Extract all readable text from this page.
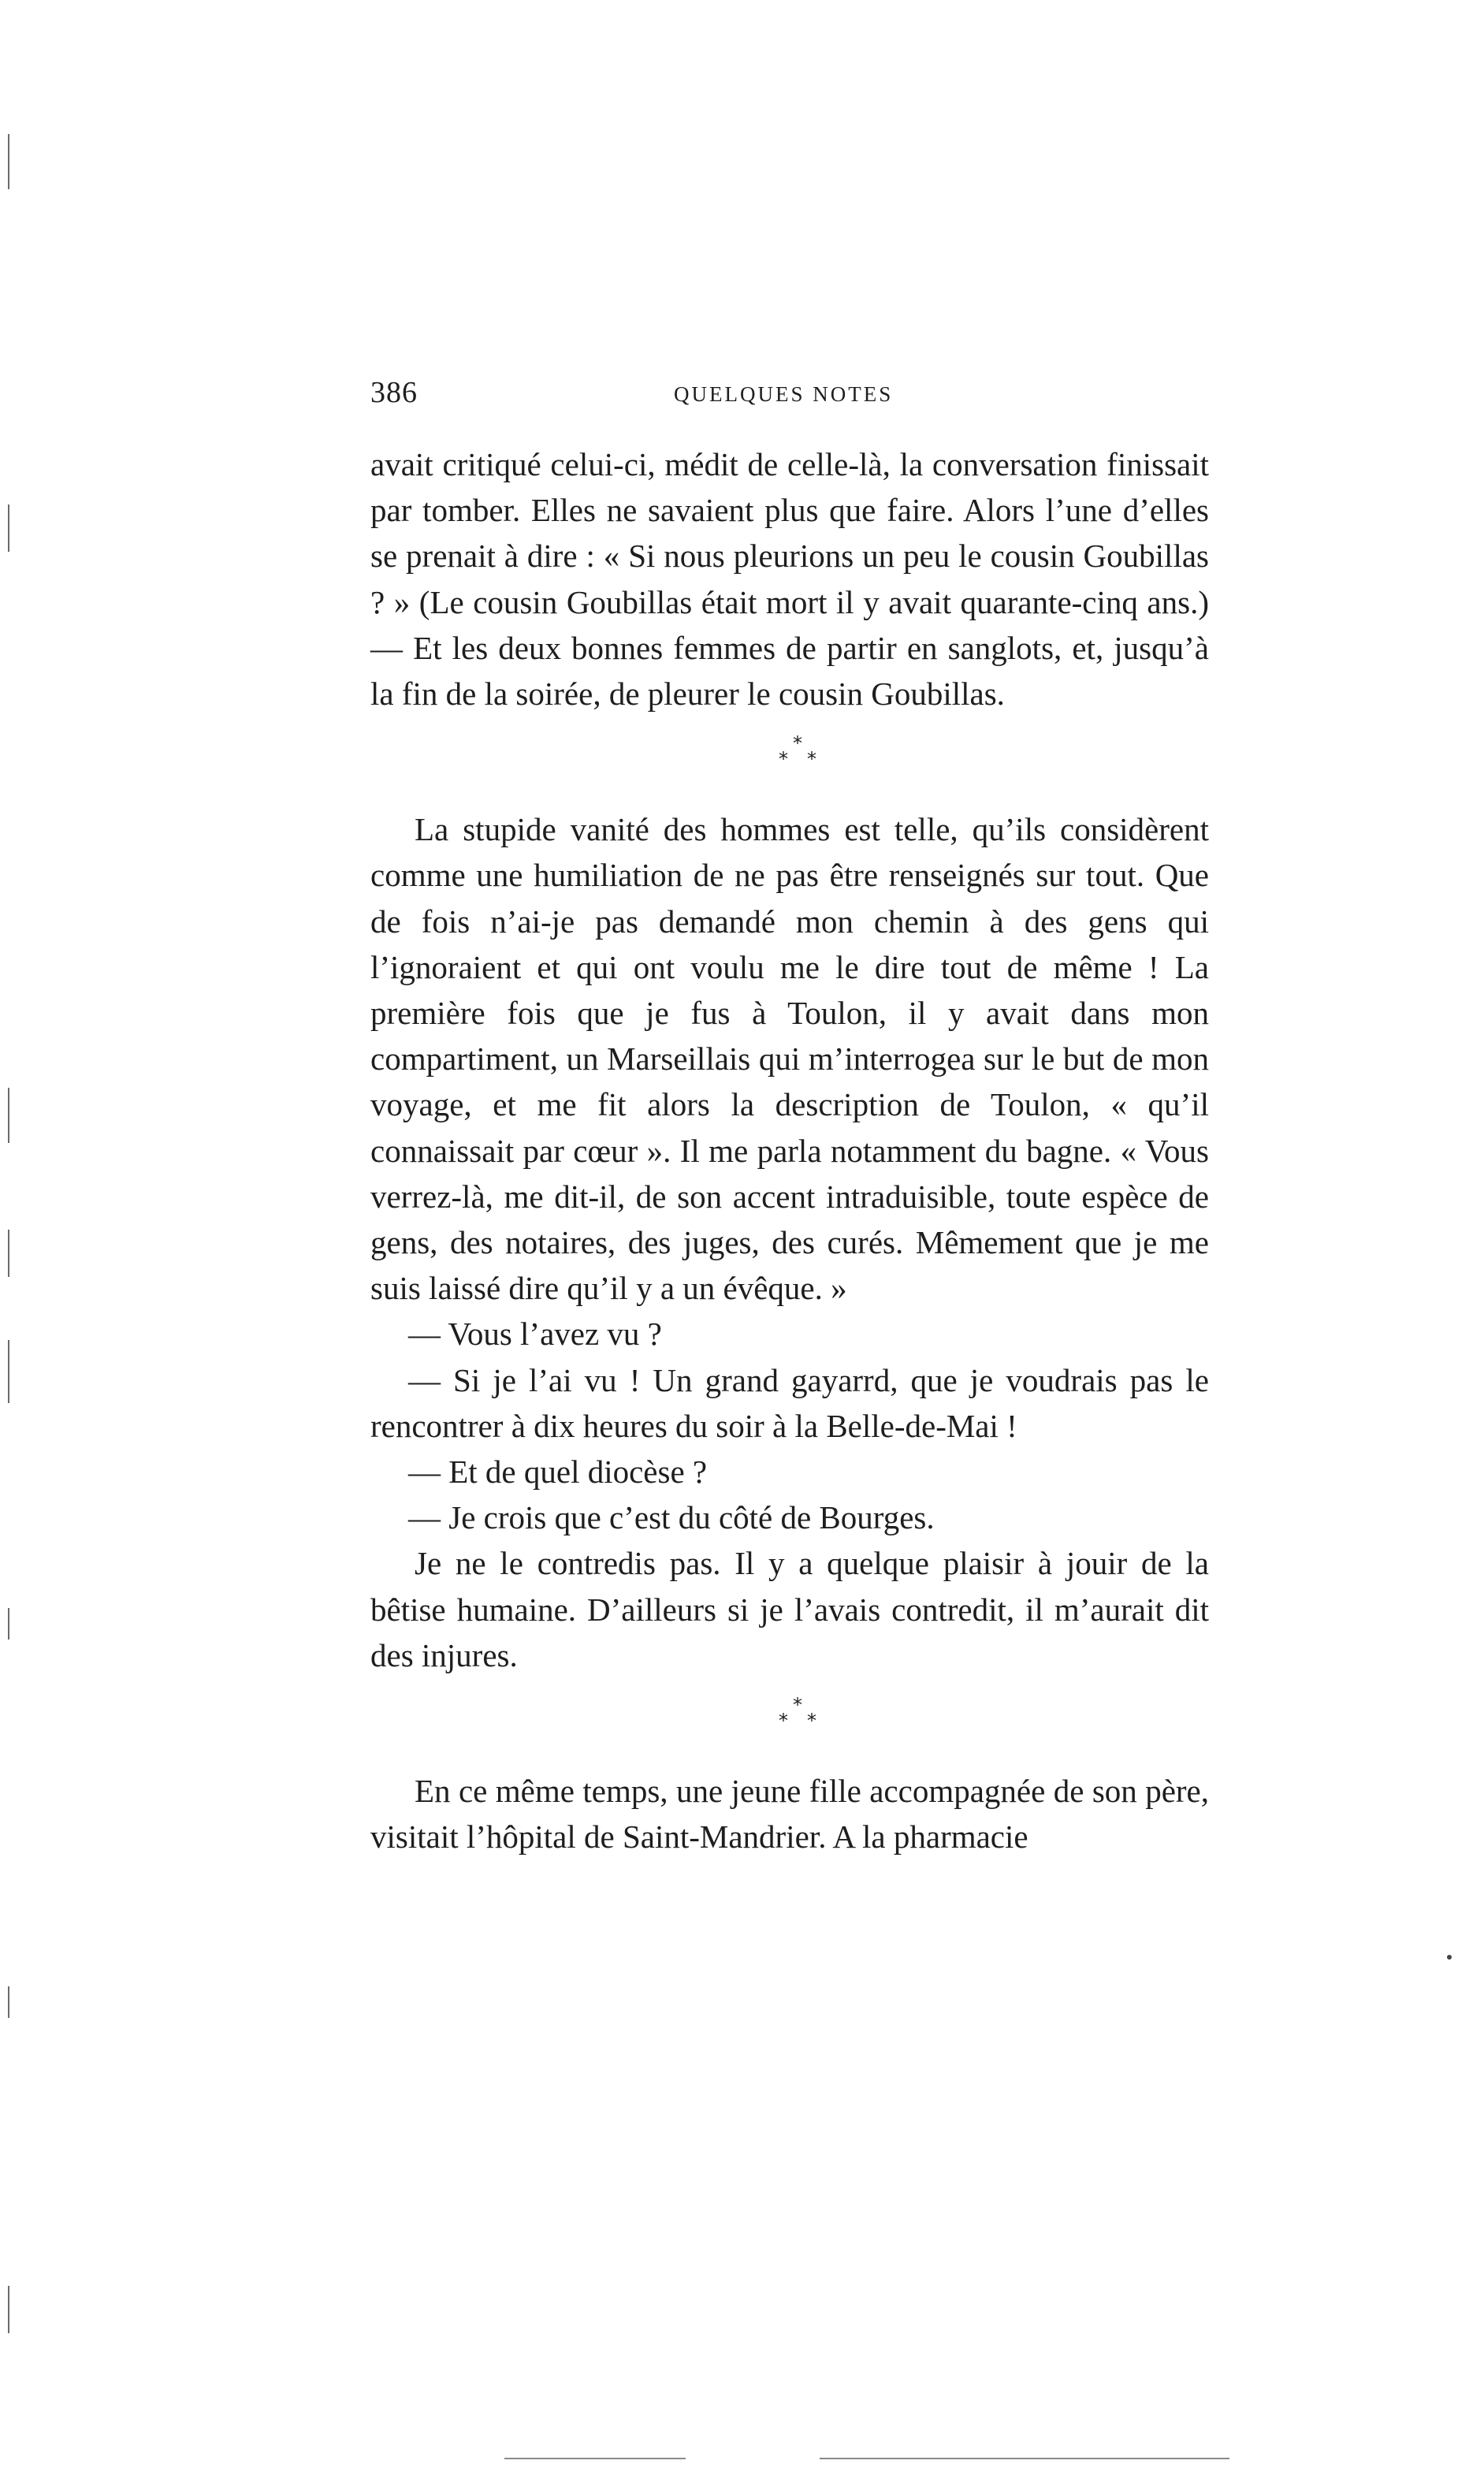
386	QUELQUES NOTES

avait critiqué celui-ci, médit de celle-là, la conversation finissait par tomber. Elles ne savaient plus que faire. Alors l’une d’elles se prenait à dire : « Si nous pleurions un peu le cousin Goubillas ? » (Le cousin Goubillas était mort il y avait quarante-cinq ans.) — Et les deux bonnes femmes de partir en sanglots, et, jusqu’à la fin de la soirée, de pleurer le cousin Goubillas.

*
* *

La stupide vanité des hommes est telle, qu’ils considèrent comme une humiliation de ne pas être renseignés sur tout. Que de fois n’ai-je pas demandé mon chemin à des gens qui l’ignoraient et qui ont voulu me le dire tout de même ! La première fois que je fus à Toulon, il y avait dans mon compartiment, un Marseillais qui m’interrogea sur le but de mon voyage, et me fit alors la description de Toulon, « qu’il connaissait par cœur ». Il me parla notamment du bagne. « Vous verrez-là, me dit-il, de son accent intraduisible, toute espèce de gens, des notaires, des juges, des curés. Mêmement que je me suis laissé dire qu’il y a un évêque. »

— Vous l’avez vu ?

— Si je l’ai vu ! Un grand gayarrd, que je voudrais pas le rencontrer à dix heures du soir à la Belle-de-Mai !

— Et de quel diocèse ?

— Je crois que c’est du côté de Bourges.

Je ne le contredis pas. Il y a quelque plaisir à jouir de la bêtise humaine. D’ailleurs si je l’avais contredit, il m’aurait dit des injures.

*
* *

En ce même temps, une jeune fille accompagnée de son père, visitait l’hôpital de Saint-Mandrier. A la pharmacie
